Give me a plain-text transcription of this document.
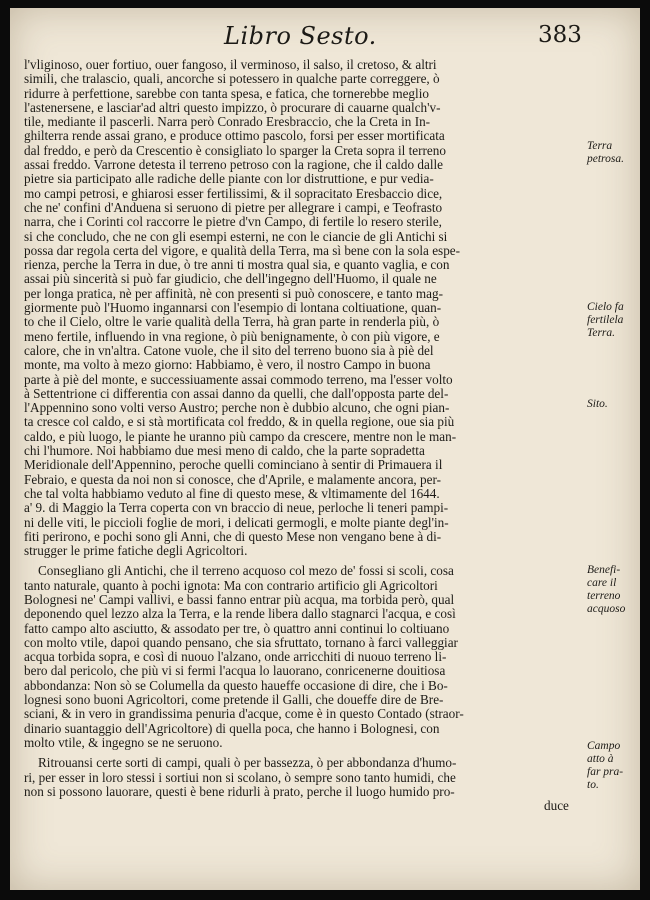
Libro Sesto.	383
l'vliginoso, ouer fortiuo, ouer fangoso, il verminoso, il salso, il cretoso, & altri
simili, che tralascio, quali, ancorche si potessero in qualche parte correggere, ò
ridurre à perfettione, sarebbe con tanta spesa, e fatica, che tornerebbe meglio
l'astenersene, e lasciar'ad altri questo impizzo, ò procurare di cauarne qualch'v-
tile, mediante il pascerli. Narra però Conrado Eresbraccio, che la Creta in In-
ghilterra rende assai grano, e produce ottimo pascolo, forsi per esser mortificata
dal freddo, e però da Crescentio è consigliato lo sparger la Creta sopra il terreno
assai freddo. Varrone detesta il terreno petroso con la ragione, che il caldo dalle
pietre sia participato alle radiche delle piante con lor distruttione, e pur vedia-
mo campi petrosi, e ghiarosi esser fertilissimi, & il sopracitato Eresbaccio dice,
che ne' confini d'Anduena si seruono di pietre per allegrare i campi, e Teofrasto
narra, che i Corinti col raccorre le pietre d'vn Campo, di fertile lo resero sterile,
si che concludo, che ne con gli esempi esterni, ne con le ciancie de gli Antichi si
possa dar regola certa del vigore, e qualità della Terra, ma sì bene con la sola espe-
rienza, perche la Terra in due, ò tre anni ti mostra qual sia, e quanto vaglia, e con
assai più sincerità si può far giudicio, che dell'ingegno dell'Huomo, il quale ne
per longa pratica, nè per affinità, nè con presenti si può conoscere, e tanto mag-
giormente può l'Huomo ingannarsi con l'esempio di lontana coltiuatione, quan-
to che il Cielo, oltre le varie qualità della Terra, hà gran parte in renderla più, ò
meno fertile, influendo in vna regione, ò più benignamente, ò con più vigore, e
calore, che in vn'altra. Catone vuole, che il sito del terreno buono sia à piè del
monte, ma volto à mezo giorno: Habbiamo, è vero, il nostro Campo in buona
parte à piè del monte, e successiuamente assai commodo terreno, ma l'esser volto
à Settentrione ci differentia con assai danno da quelli, che dall'opposta parte del-
l'Appennino sono volti verso Austro; perche non è dubbio alcuno, che ogni pian-
ta cresce col caldo, e si stà mortificata col freddo, & in quella regione, oue sia più
caldo, e più luogo, le piante he uranno più campo da crescere, mentre non le man-
chi l'humore. Noi habbiamo due mesi meno di caldo, che la parte sopradetta
Meridionale dell'Appennino, peroche quelli cominciano à sentir di Primauera il
Febraio, e questa da noi non si conosce, che d'Aprile, e malamente ancora, per-
che tal volta habbiamo veduto al fine di questo mese, & vltimamente del 1644.
a' 9. di Maggio la Terra coperta con vn braccio di neue, perloche li teneri pampi-
ni delle viti, le piccioli foglie de mori, i delicati germogli, e molte piante degl'in-
fiti perirono, e pochi sono gli Anni, che di questo Mese non vengano bene à di-
strugger le prime fatiche degli Agricoltori.
Consegliano gli Antichi, che il terreno acquoso col mezo de' fossi si scoli, cosa
tanto naturale, quanto à pochi ignota: Ma con contrario artificio gli Agricoltori
Bolognesi ne' Campi vallivi, e bassi fanno entrar più acqua, ma torbida però, qual
deponendo quel lezzo alza la Terra, e la rende libera dallo stagnarci l'acqua, e così
fatto campo alto asciutto, & assodato per tre, ò quattro anni continui lo coltiuano
con molto vtile, dapoi quando pensano, che sia sfruttato, tornano à farci valleggiar
acqua torbida sopra, e così di nuouo l'alzano, onde arricchiti di nuouo terreno li-
bero dal pericolo, che più vi si fermi l'acqua lo lauorano, conricenerne douitiosa
abbondanza: Non sò se Columella da questo haueffe occasione di dire, che i Bo-
lognesi sono buoni Agricoltori, come pretende il Galli, che doueffe dire de Bre-
sciani, & in vero in grandissima penuria d'acque, come è in questo Contado (straor-
dinario suantaggio dell'Agricoltore) di quella poca, che hanno i Bolognesi, con
molto vtile, & ingegno se ne seruono.
Ritrouansi certe sorti di campi, quali ò per bassezza, ò per abbondanza d'humo-
ri, per esser in loro stessi i sortiui non si scolano, ò sempre sono tanto humidi, che
non si possono lauorare, questi è bene ridurli à prato, perche il luogo humido pro-
duce
Terra
petrosa.
Cielo fa
fertilela
Terra.
Sito.
Benefi-
care il
terreno
acquoso
Campo
atto à
far pra-
to.
